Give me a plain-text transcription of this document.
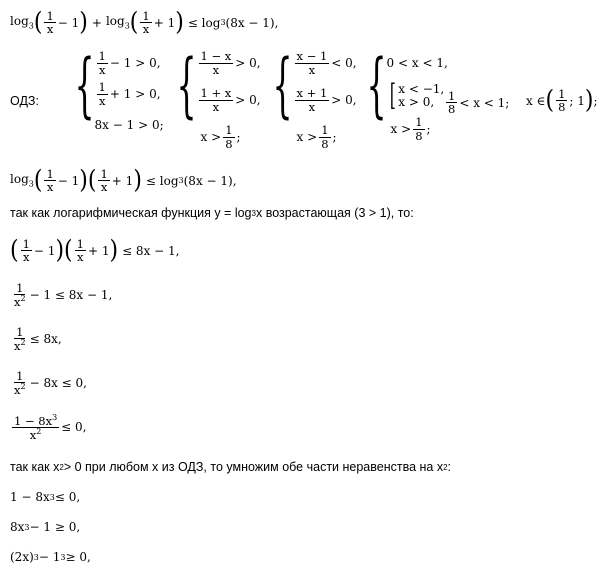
$\log_3$ ( $\frac{1}{x} - 1$ ) + $\log_3$ ( $\frac{1}{x} + 1$ ) ≤ log 3 (8x − 1),
ОДЗ: { $\frac{1}{x} - 1 > 0$,
$\frac{1}{x} + 1 > 0$,
8x − 1 > 0; { $\frac{1 - x}{x} > 0$,
$\frac{1 + x}{x} > 0$,
$x > \frac{1}{8}$ ;
{ $\frac{x - 1}{x} < 0$,
$\frac{x + 1}{x} > 0$,
$x > \frac{1}{8}$ ;
{ 0 < x < 1,
[ x < −1,
x > 0,
$x > \frac{1}{8}$ ;
$\frac{1}{8} < x < 1$; x ∈ ( $\frac{1}{8}$ ; 1 ) ;
$\log_3$ ( $\frac{1}{x} - 1$ ) ( $\frac{1}{x} + 1$ ) ≤ log 3 (8x − 1),
так как логарифмическая функция y = log 3 x возрастающая (3 > 1), то:
( $\frac{1}{x} - 1$ ) ( $\frac{1}{x} + 1$ ) ≤ 8x − 1,
$\frac{1}{x^2} - 1 \le 8x - 1$,
$\frac{1}{x^2} \le 8x$,
$\frac{1}{x^2} - 8x \le 0$,
$\frac{1 - 8x^3}{x^2} \le 0$,
так как x 2 > 0 при любом x из ОДЗ, то умножим обе части неравенства на x 2 :
1 − 8x 3 ≤ 0,
8x 3 − 1 ≥ 0,
(2x) 3 − 1 3 ≥ 0,
